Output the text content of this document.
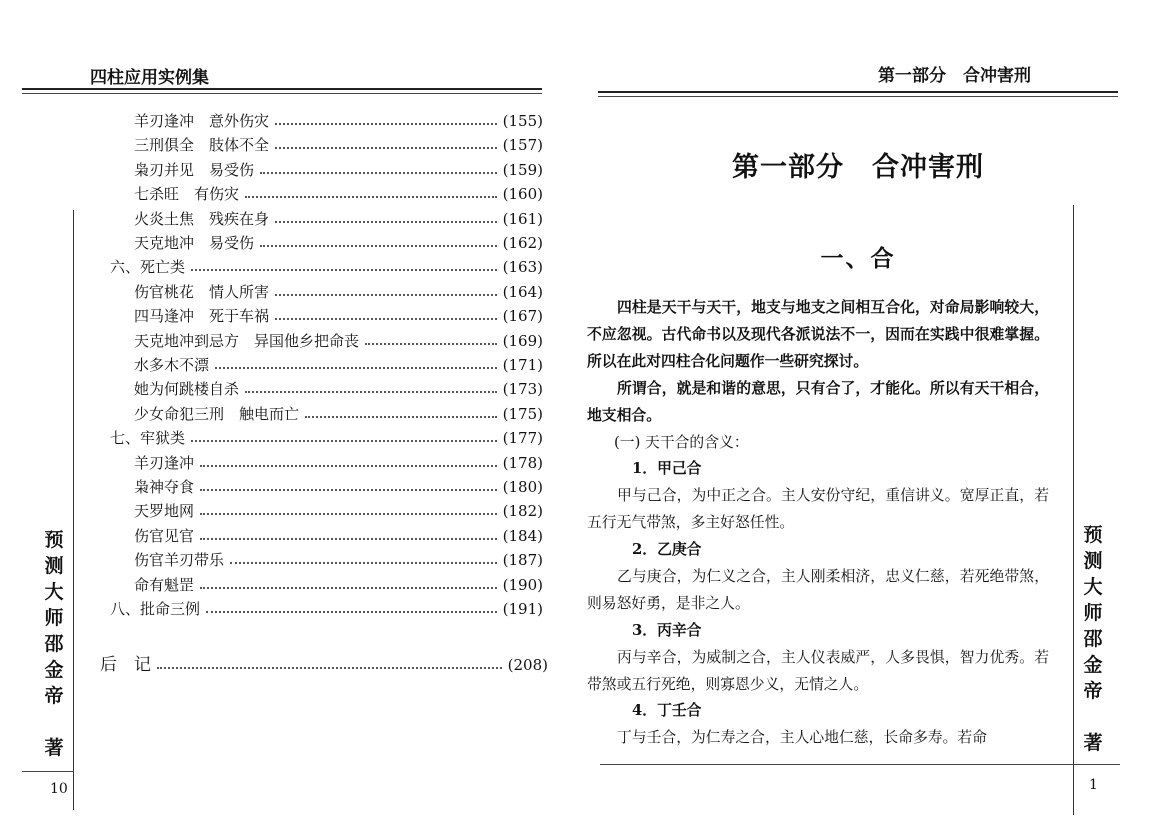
四柱应用实例集
羊刃逢冲　意外伤灾	(155)
三刑俱全　肢体不全	(157)
枭刃并见　易受伤	(159)
七杀旺　有伤灾	(160)
火炎土焦　残疾在身	(161)
天克地冲　易受伤	(162)
六、死亡类	(163)
伤官桃花　情人所害	(164)
四马逢冲　死于车祸	(167)
天克地冲到忌方　异国他乡把命丧	(169)
水多木不漂	(171)
她为何跳楼自杀	(173)
少女命犯三刑　触电而亡	(175)
七、牢狱类	(177)
羊刃逢冲	(178)
枭神夺食	(180)
天罗地网	(182)
伤官见官	(184)
伤官羊刃带乐	(187)
命有魁罡	(190)
八、批命三例	(191)
后　记	(208)
预
测
大
师
邵
金
帝
著
10
第一部分　合冲害刑
第一部分　合冲害刑
一、合
四柱是天干与天干，地支与地支之间相互合化，对命局影响较大，不应忽视。古代命书以及现代各派说法不一，因而在实践中很难掌握。所以在此对四柱合化问题作一些研究探讨。
所谓合，就是和谐的意思，只有合了，才能化。所以有天干相合，地支相合。
(一) 天干合的含义：
1．甲己合
甲与己合，为中正之合。主人安份守纪，重信讲义。宽厚正直，若五行无气带煞，多主好怒任性。
2．乙庚合
乙与庚合，为仁义之合，主人刚柔相济，忠义仁慈，若死绝带煞，则易怒好勇，是非之人。
3．丙辛合
丙与辛合，为威制之合，主人仪表威严，人多畏惧，智力优秀。若带煞或五行死绝，则寡恩少义，无情之人。
4．丁壬合
丁与壬合，为仁寿之合，主人心地仁慈，长命多寿。若命
预
测
大
师
邵
金
帝
著
1
